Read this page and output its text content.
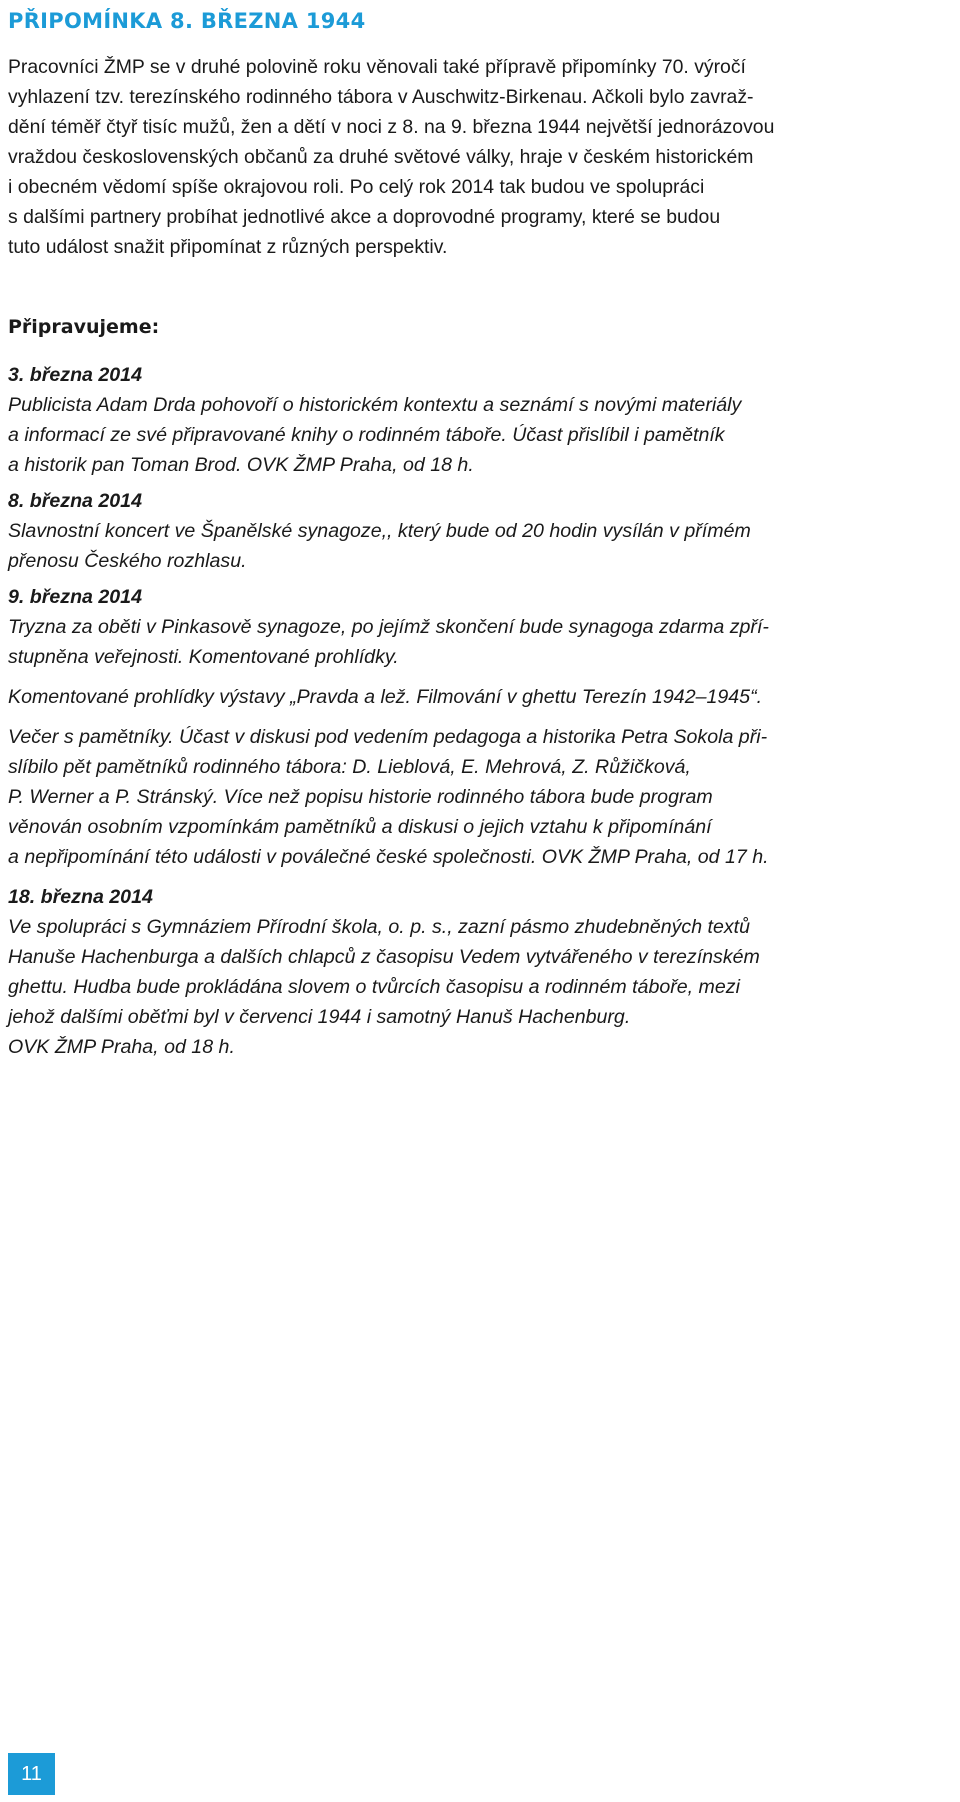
PŘIPOMÍNKA 8. BŘEZNA 1944

Pracovníci ŽMP se v druhé polovině roku věnovali také přípravě připomínky 70. výročí
vyhlazení tzv. terezínského rodinného tábora v Auschwitz-Birkenau. Ačkoli bylo zavraž-
dění téměř čtyř tisíc mužů, žen a dětí v noci z 8. na 9. března 1944 největší jednorázovou
vraždou československých občanů za druhé světové války, hraje v českém historickém
i obecném vědomí spíše okrajovou roli. Po celý rok 2014 tak budou ve spolupráci
s dalšími partnery probíhat jednotlivé akce a doprovodné programy, které se budou
tuto událost snažit připomínat z různých perspektiv.

Připravujeme:
3. března 2014
Publicista Adam Drda pohovoří o historickém kontextu a seznámí s novými materiály
a informací ze své připravované knihy o rodinném táboře. Účast přislíbil i pamětník
a historik pan Toman Brod. OVK ŽMP Praha, od 18 h.
8. března 2014
Slavnostní koncert ve Španělské synagoze,, který bude od 20 hodin vysílán v přímém
přenosu Českého rozhlasu.
9. března 2014
Tryzna za oběti v Pinkasově synagoze, po jejímž skončení bude synagoga zdarma zpří-
stupněna veřejnosti. Komentované prohlídky.
Komentované prohlídky výstavy „Pravda a lež. Filmování v ghettu Terezín 1942–1945“.
Večer s pamětníky. Účast v diskusi pod vedením pedagoga a historika Petra Sokola při-
slíbilo pět pamětníků rodinného tábora: D. Lieblová, E. Mehrová, Z. Růžičková,
P. Werner a P. Stránský. Více než popisu historie rodinného tábora bude program
věnován osobním vzpomínkám pamětníků a diskusi o jejich vztahu k připomínání
a nepřipomínání této události v poválečné české společnosti. OVK ŽMP Praha, od 17 h.
18. března 2014
Ve spolupráci s Gymnáziem Přírodní škola, o. p. s., zazní pásmo zhudebněných textů
Hanuše Hachenburga a dalších chlapců z časopisu Vedem vytvářeného v terezínském
ghettu. Hudba bude prokládána slovem o tvůrcích časopisu a rodinném táboře, mezi
jehož dalšími oběťmi byl v červenci 1944 i samotný Hanuš Hachenburg.
OVK ŽMP Praha, od 18 h.
11
